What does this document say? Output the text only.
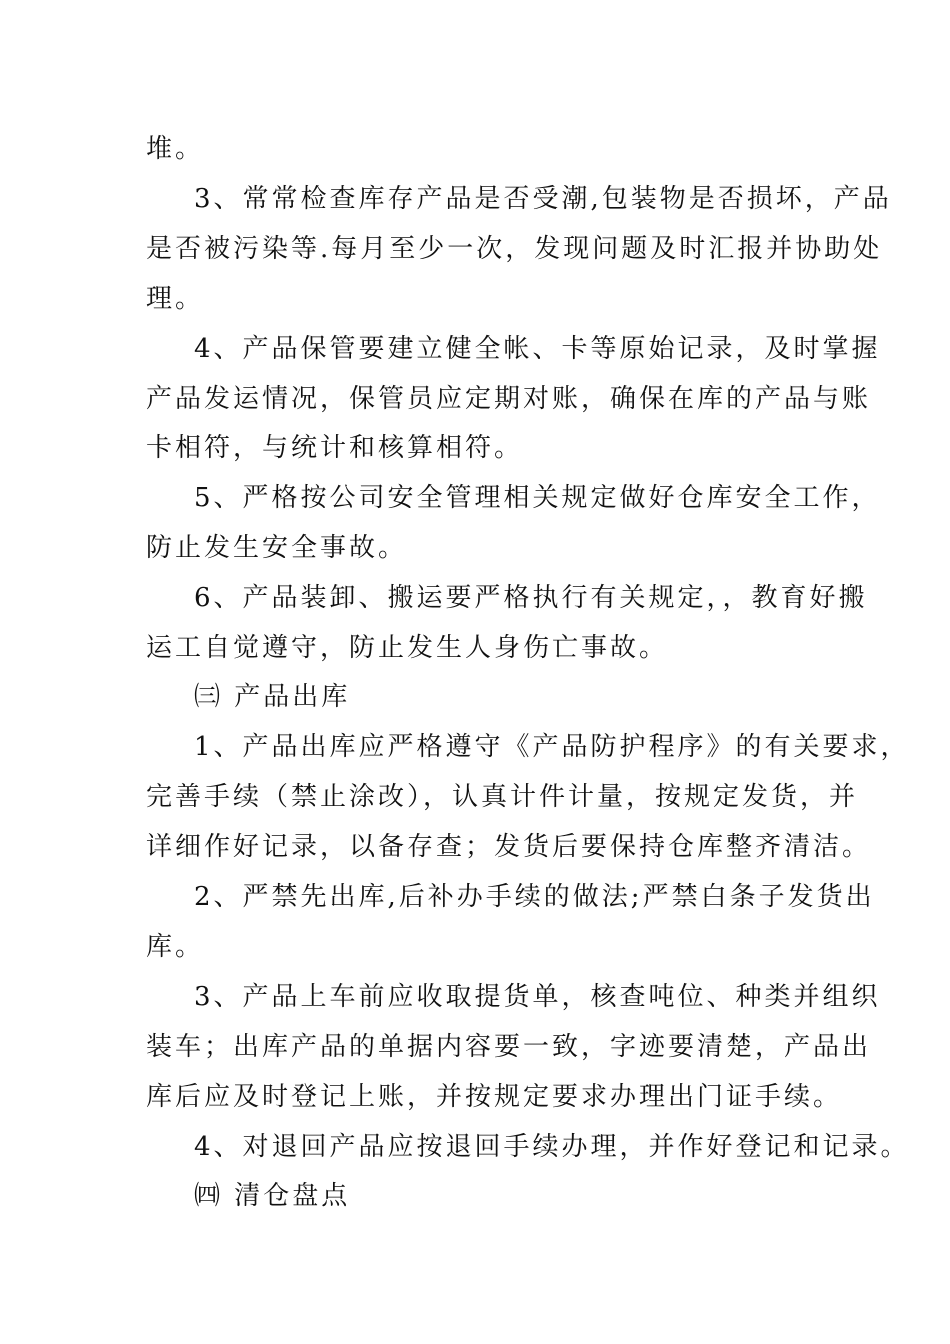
堆。
3、常常检查库存产品是否受潮,包装物是否损坏，产品
是否被污染等.每月至少一次，发现问题及时汇报并协助处
理。
4、产品保管要建立健全帐、卡等原始记录，及时掌握
产品发运情况，保管员应定期对账，确保在库的产品与账
卡相符，与统计和核算相符。
5、严格按公司安全管理相关规定做好仓库安全工作，
防止发生安全事故。
6、产品装卸、搬运要严格执行有关规定，，教育好搬
运工自觉遵守，防止发生人身伤亡事故。
㈢ 产品出库
1、产品出库应严格遵守《产品防护程序》的有关要求，
完善手续（禁止涂改），认真计件计量，按规定发货，并
详细作好记录，以备存查；发货后要保持仓库整齐清洁。
2、严禁先出库,后补办手续的做法;严禁白条子发货出
库。
3、产品上车前应收取提货单，核查吨位、种类并组织
装车；出库产品的单据内容要一致，字迹要清楚，产品出
库后应及时登记上账，并按规定要求办理出门证手续。
4、对退回产品应按退回手续办理，并作好登记和记录。
㈣ 清仓盘点
